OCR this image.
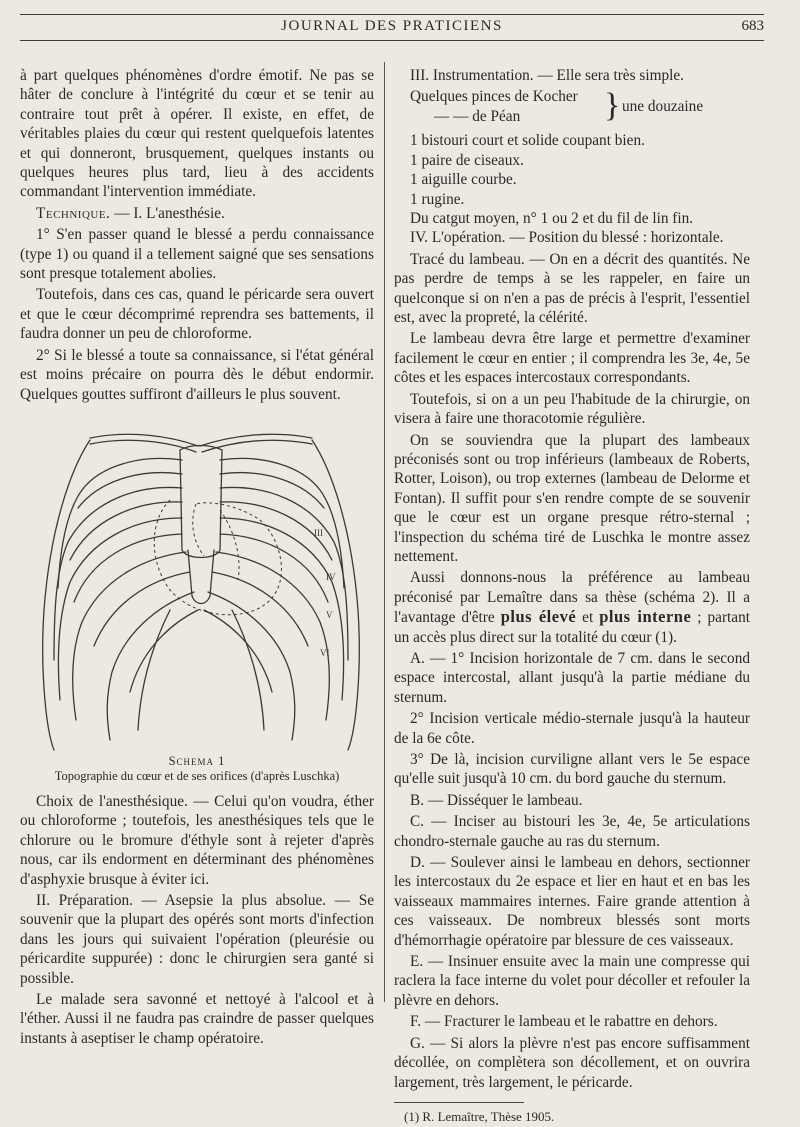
JOURNAL DES PRATICIENS	683

à part quelques phénomènes d'ordre émotif. Ne pas se hâter de conclure à l'intégrité du cœur et se tenir au contraire tout prêt à opérer. Il existe, en effet, de véritables plaies du cœur qui restent quelquefois latentes et qui donneront, brusquement, quelques instants ou quelques heures plus tard, lieu à des accidents commandant l'intervention immédiate.

Technique. — I. L'anesthésie.

1° S'en passer quand le blessé a perdu connaissance (type 1) ou quand il a tellement saigné que ses sensations sont presque totalement abolies.

Toutefois, dans ces cas, quand le péricarde sera ouvert et que le cœur décomprimé reprendra ses battements, il faudra donner un peu de chloroforme.

2° Si le blessé a toute sa connaissance, si l'état général est moins précaire on pourra dès le début endormir. Quelques gouttes suffiront d'ailleurs le plus souvent.

III
IV
V
VI
Schema 1
Topographie du cœur et de ses orifices (d'après Luschka)

Choix de l'anesthésique. — Celui qu'on voudra, éther ou chloroforme ; toutefois, les anesthésiques tels que le chlorure ou le bromure d'éthyle sont à rejeter d'après nous, car ils endorment en déterminant des phénomènes d'asphyxie brusque à éviter ici.

II. Préparation. — Asepsie la plus absolue. — Se souvenir que la plupart des opérés sont morts d'infection dans les jours qui suivaient l'opération (pleurésie ou péricardite suppurée) : donc le chirurgien sera ganté si possible.

Le malade sera savonné et nettoyé à l'alcool et à l'éther. Aussi il ne faudra pas craindre de passer quelques instants à aseptiser le champ opératoire.

III. Instrumentation. — Elle sera très simple.

Quelques pinces de Kocher
— — de Péan } une douzaine

1 bistouri court et solide coupant bien.

1 paire de ciseaux.

1 aiguille courbe.

1 rugine.

Du catgut moyen, n° 1 ou 2 et du fil de lin fin.

IV. L'opération. — Position du blessé : horizontale.

Tracé du lambeau. — On en a décrit des quantités. Ne pas perdre de temps à se les rappeler, en faire un quelconque si on n'en a pas de précis à l'esprit, l'essentiel est, avec la propreté, la célérité.

Le lambeau devra être large et permettre d'examiner facilement le cœur en entier ; il comprendra les 3e, 4e, 5e côtes et les espaces intercostaux correspondants.

Toutefois, si on a un peu l'habitude de la chirurgie, on visera à faire une thoracotomie régulière.

On se souviendra que la plupart des lambeaux préconisés sont ou trop inférieurs (lambeaux de Roberts, Rotter, Loison), ou trop externes (lambeau de Delorme et Fontan). Il suffit pour s'en rendre compte de se souvenir que le cœur est un organe presque rétro-sternal ; l'inspection du schéma tiré de Luschka le montre assez nettement.

Aussi donnons-nous la préférence au lambeau préconisé par Lemaître dans sa thèse (schéma 2). Il a l'avantage d'être plus élevé et plus interne ; partant un accès plus direct sur la totalité du cœur (1).

A. — 1° Incision horizontale de 7 cm. dans le second espace intercostal, allant jusqu'à la partie médiane du sternum.

2° Incision verticale médio-sternale jusqu'à la hauteur de la 6e côte.

3° De là, incision curviligne allant vers le 5e espace qu'elle suit jusqu'à 10 cm. du bord gauche du sternum.

B. — Disséquer le lambeau.

C. — Inciser au bistouri les 3e, 4e, 5e articulations chondro-sternale gauche au ras du sternum.

D. — Soulever ainsi le lambeau en dehors, sectionner les intercostaux du 2e espace et lier en haut et en bas les vaisseaux mammaires internes. Faire grande attention à ces vaisseaux. De nombreux blessés sont morts d'hémorrhagie opératoire par blessure de ces vaisseaux.

E. — Insinuer ensuite avec la main une compresse qui raclera la face interne du volet pour décoller et refouler la plèvre en dehors.

F. — Fracturer le lambeau et le rabattre en dehors.

G. — Si alors la plèvre n'est pas encore suffisamment décollée, on complètera son décollement, et on ouvrira largement, très largement, le péricarde.

(1) R. Lemaître, Thèse 1905.
